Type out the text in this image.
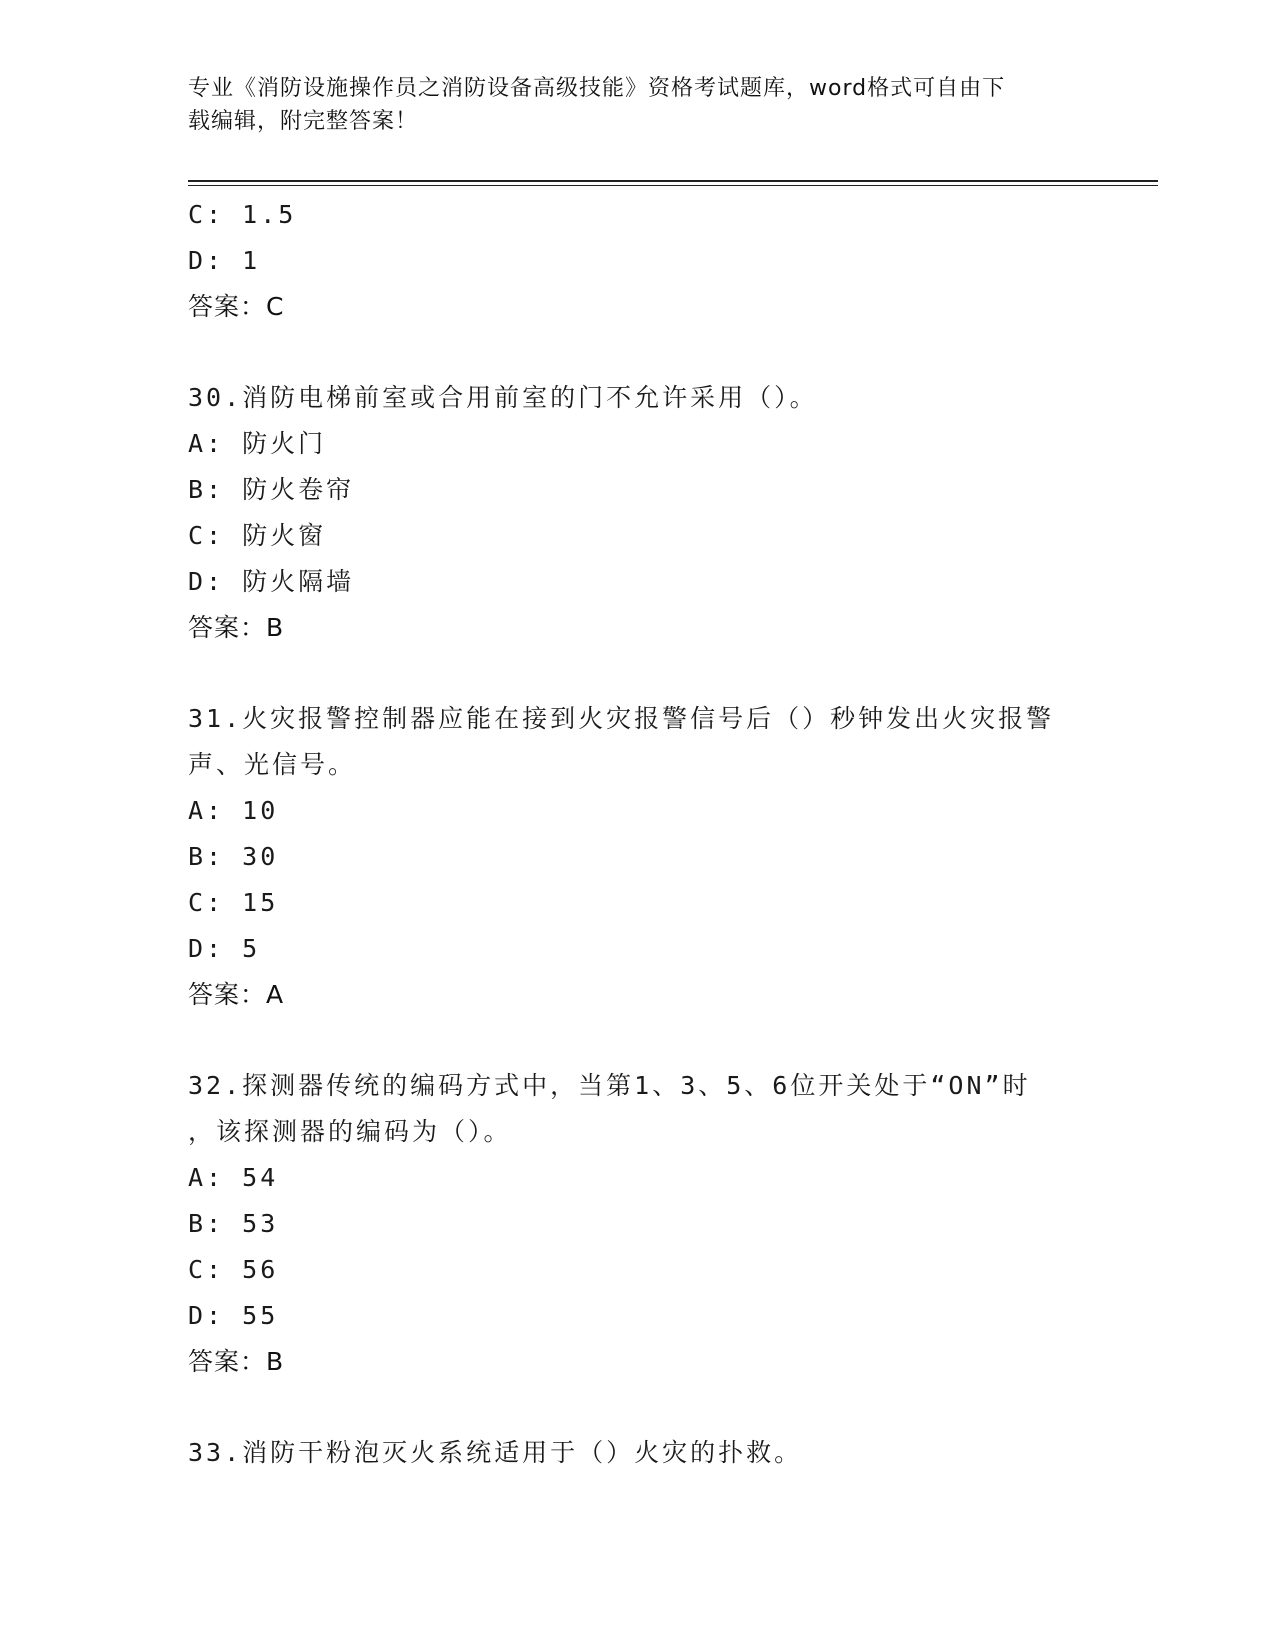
专业《消防设施操作员之消防设备高级技能》资格考试题库，word格式可自由下
载编辑，附完整答案！
C: 1.5
D: 1
答案：C
30.消防电梯前室或合用前室的门不允许采用（）。
A: 防火门
B: 防火卷帘
C: 防火窗
D: 防火隔墙
答案：B
31.火灾报警控制器应能在接到火灾报警信号后（）秒钟发出火灾报警
声、光信号。
A: 10
B: 30
C: 15
D: 5
答案：A
32.探测器传统的编码方式中，当第1、3、5、6位开关处于“ON”时
，该探测器的编码为（）。
A: 54
B: 53
C: 56
D: 55
答案：B
33.消防干粉泡灭火系统适用于（）火灾的扑救。
